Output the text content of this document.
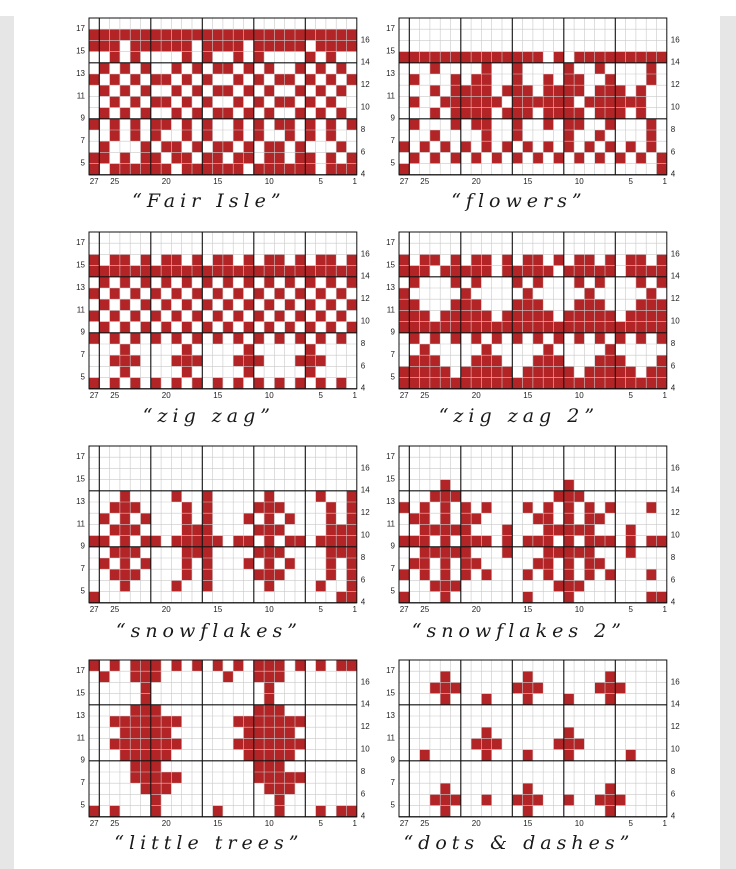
17
15
13
11
9
7
5
16
14
12
10
8
6
4
27 25	20	15	10	5	1
“Fair Isle”
17
15
13
11
9
7
5
16
14
12
10
8
6
4
27 25	20	15	10	5	1
“flowers”
17
15
13
11
9
7
5
16
14
12
10
8
6
4
27 25	20	15	10	5	1
“zig zag”
17
15
13
11
9
7
5
16
14
12
10
8
6
4
27 25	20	15	10	5	1
“zig zag 2”
17
15
13
11
9
7
5
16
14
12
10
8
6
4
27 25	20	15	10	5	1
“snowflakes”
17
15
13
11
9
7
5
16
14
12
10
8
6
4
27 25	20	15	10	5	1
“snowflakes 2”
17
15
13
11
9
7
5
16
14
12
10
8
6
4
27 25	20	15	10	5	1
“little trees”
17
15
13
11
9
7
5
16
14
12
10
8
6
4
27 25	20	15	10	5	1
“dots & dashes”
